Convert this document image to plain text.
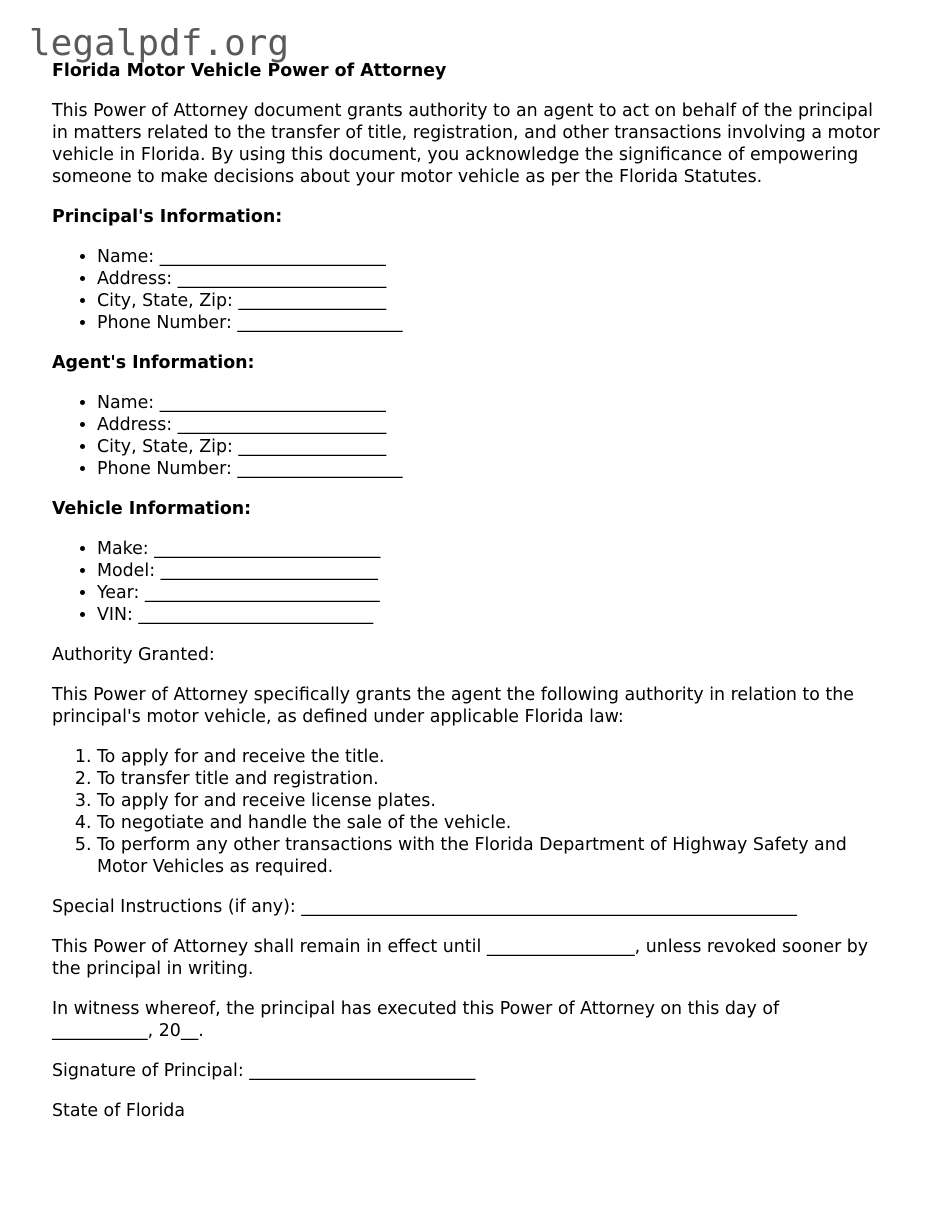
legalpdf.org
Florida Motor Vehicle Power of Attorney

This Power of Attorney document grants authority to an agent to act on behalf of the principal in matters related to the transfer of title, registration, and other transactions involving a motor vehicle in Florida. By using this document, you acknowledge the significance of empowering someone to make decisions about your motor vehicle as per the Florida Statutes.

Principal's Information:
• Name: __________________________
• Address: ________________________
• City, State, Zip: _________________
• Phone Number: ___________________
Agent's Information:
• Name: __________________________
• Address: ________________________
• City, State, Zip: _________________
• Phone Number: ___________________
Vehicle Information:
• Make: __________________________
• Model: _________________________
• Year: ___________________________
• VIN: ___________________________

Authority Granted:

This Power of Attorney specifically grants the agent the following authority in relation to the principal's motor vehicle, as defined under applicable Florida law:

1. To apply for and receive the title.
2. To transfer title and registration.
3. To apply for and receive license plates.
4. To negotiate and handle the sale of the vehicle.
5. To perform any other transactions with the Florida Department of Highway Safety and Motor Vehicles as required.

Special Instructions (if any): _________________________________________________________

This Power of Attorney shall remain in effect until _________________, unless revoked sooner by the principal in writing.

In witness whereof, the principal has executed this Power of Attorney on this day of ___________, 20__.

Signature of Principal: __________________________

State of Florida
